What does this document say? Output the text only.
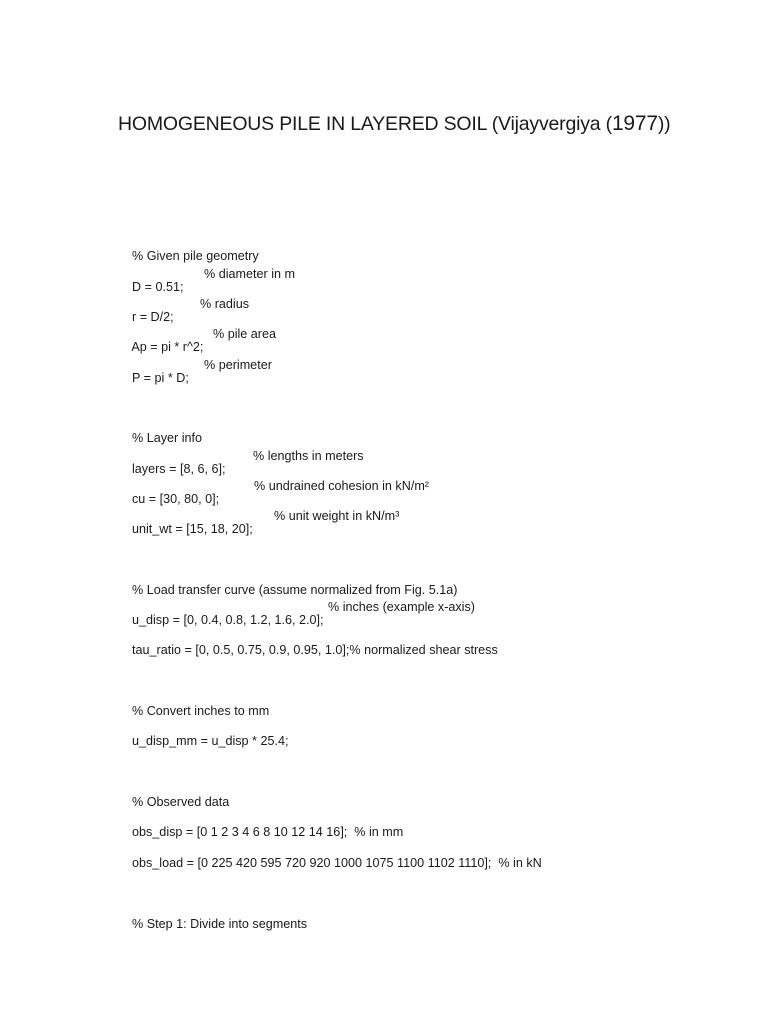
HOMOGENEOUS PILE IN LAYERED SOIL (Vijayvergiya (1977))

% Given pile geometry

D = 0.51;

% diameter in m

r = D/2;

% radius

Ap = pi * r^2;

% pile area

P = pi * D;

% perimeter

% Layer info

layers = [8, 6, 6];

% lengths in meters

cu = [30, 80, 0];

% undrained cohesion in kN/m²

unit_wt = [15, 18, 20];

% unit weight in kN/m³

% Load transfer curve (assume normalized from Fig. 5.1a)

u_disp = [0, 0.4, 0.8, 1.2, 1.6, 2.0];

% inches (example x-axis)

tau_ratio = [0, 0.5, 0.75, 0.9, 0.95, 1.0];% normalized shear stress

% Convert inches to mm

u_disp_mm = u_disp * 25.4;

% Observed data

obs_disp = [0 1 2 3 4 6 8 10 12 14 16];  % in mm

obs_load = [0 225 420 595 720 920 1000 1075 1100 1102 1110];  % in kN

% Step 1: Divide into segments
